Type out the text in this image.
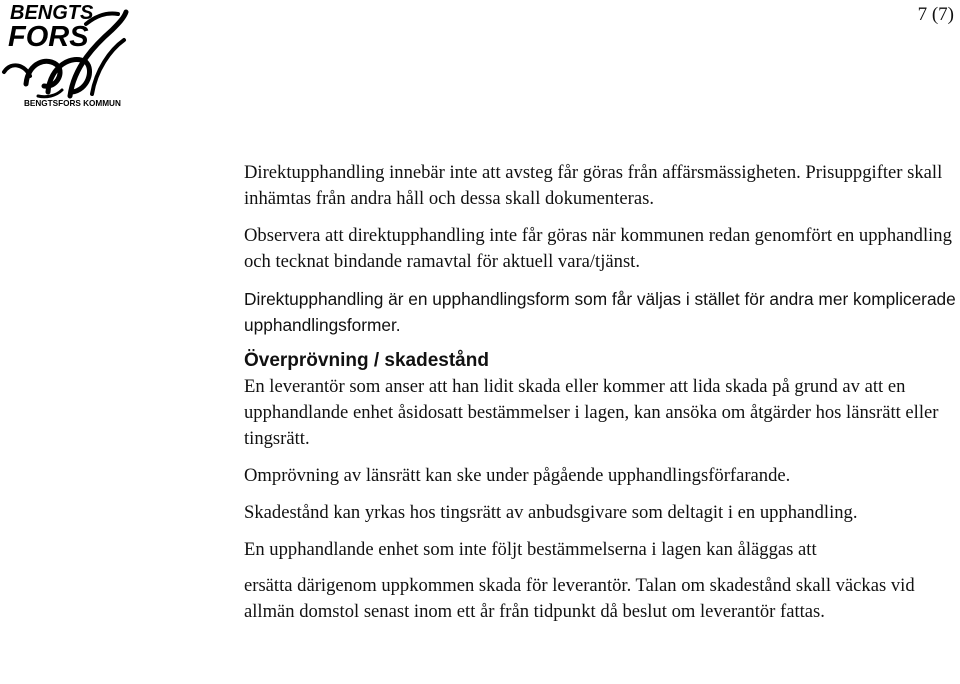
BENGTS
FORS
BENGTSFORS KOMMUN
7 (7)

Direktupphandling innebär inte att avsteg får göras från affärsmässigheten. Prisuppgifter skall inhämtas från andra håll och dessa skall dokumenteras.

Observera att direktupphandling inte får göras när kommunen redan genomfört en upphandling och tecknat bindande ramavtal för aktuell vara/tjänst.

Direktupphandling är en upphandlingsform som får väljas i stället för andra mer komplicerade upphandlingsformer.

Överprövning / skadestånd

En leverantör som anser att han lidit skada eller kommer att lida skada på grund av att en upphandlande enhet åsidosatt bestämmelser i lagen, kan ansöka om åtgärder hos länsrätt eller tingsrätt.

Omprövning av länsrätt kan ske under pågående upphandlingsförfarande.

Skadestånd kan yrkas hos tingsrätt av anbudsgivare som deltagit i en upphandling.

En upphandlande enhet som inte följt bestämmelserna i lagen kan åläggas att

ersätta därigenom uppkommen skada för leverantör. Talan om skadestånd skall väckas vid allmän domstol senast inom ett år från tidpunkt då beslut om leverantör fattas.
